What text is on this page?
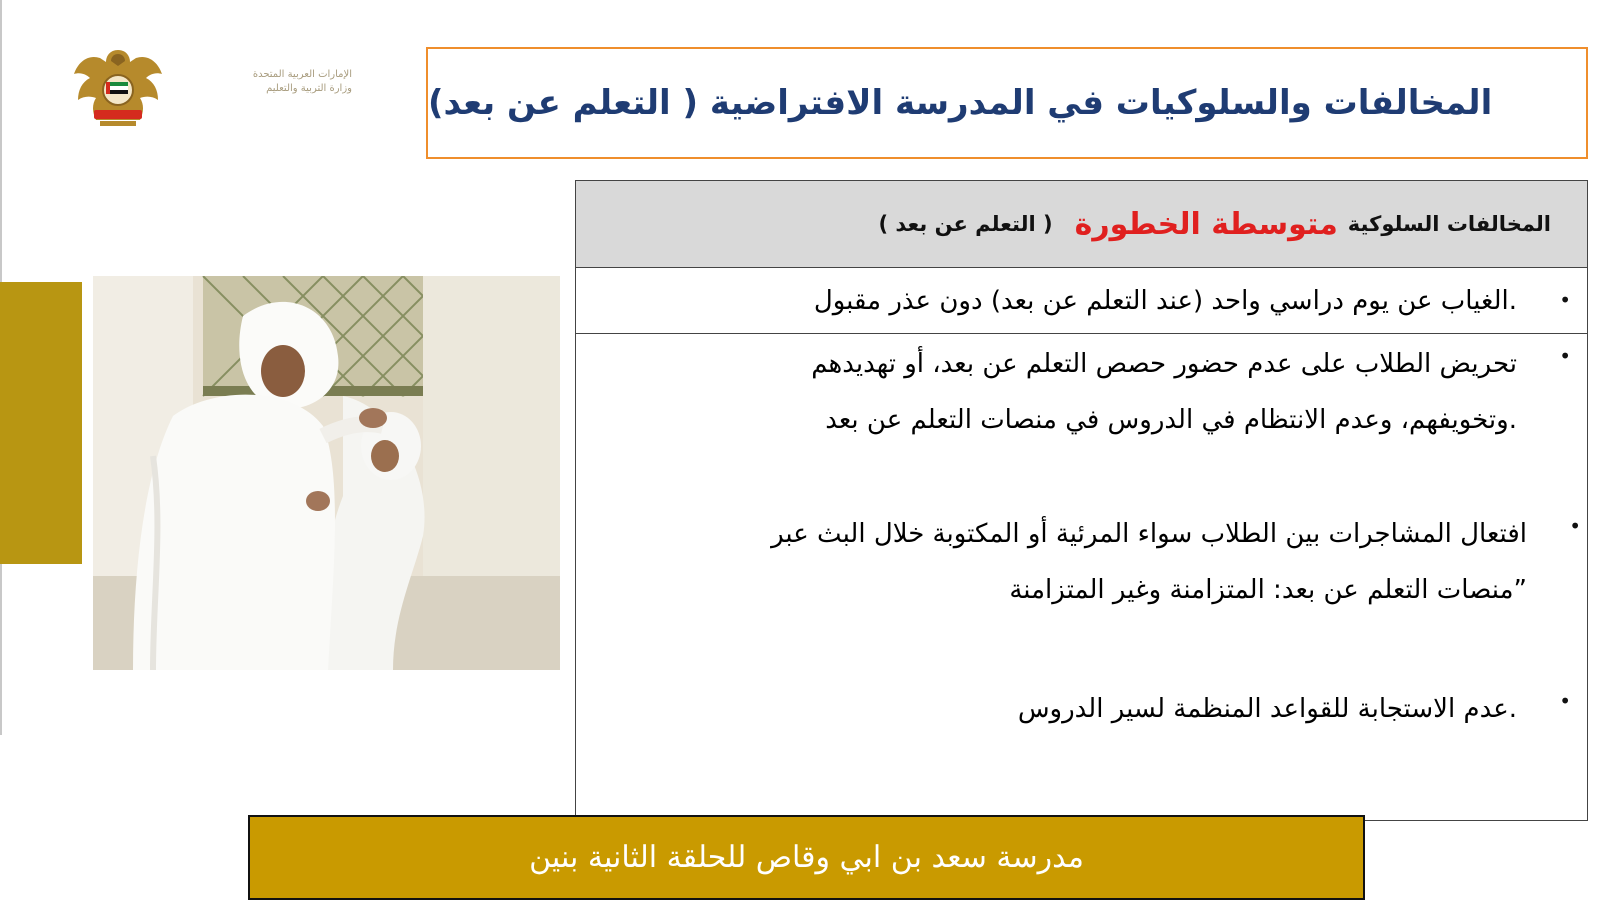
الإمارات العربية المتحدة
وزارة التربية والتعليم المخالفات والسلوكيات في المدرسة الافتراضية ( التعلم عن بعد)
المخالفات السلوكية
متوسطة الخطورة
( التعلم عن بعد )
•
الغياب عن يوم دراسي واحد (عند التعلم عن بعد) دون عذر مقبول.
•
تحريض الطلاب على عدم حضور حصص التعلم عن بعد، أو تهديدهم
وتخويفهم، وعدم الانتظام في الدروس في منصات التعلم عن بعد.
•
افتعال المشاجرات بين الطلاب سواء المرئية أو المكتوبة خلال البث عبر
منصات التعلم عن بعد: المتزامنة وغير المتزامنة”
•
عدم الاستجابة للقواعد المنظمة لسير الدروس.
مدرسة سعد بن ابي وقاص للحلقة الثانية بنين
